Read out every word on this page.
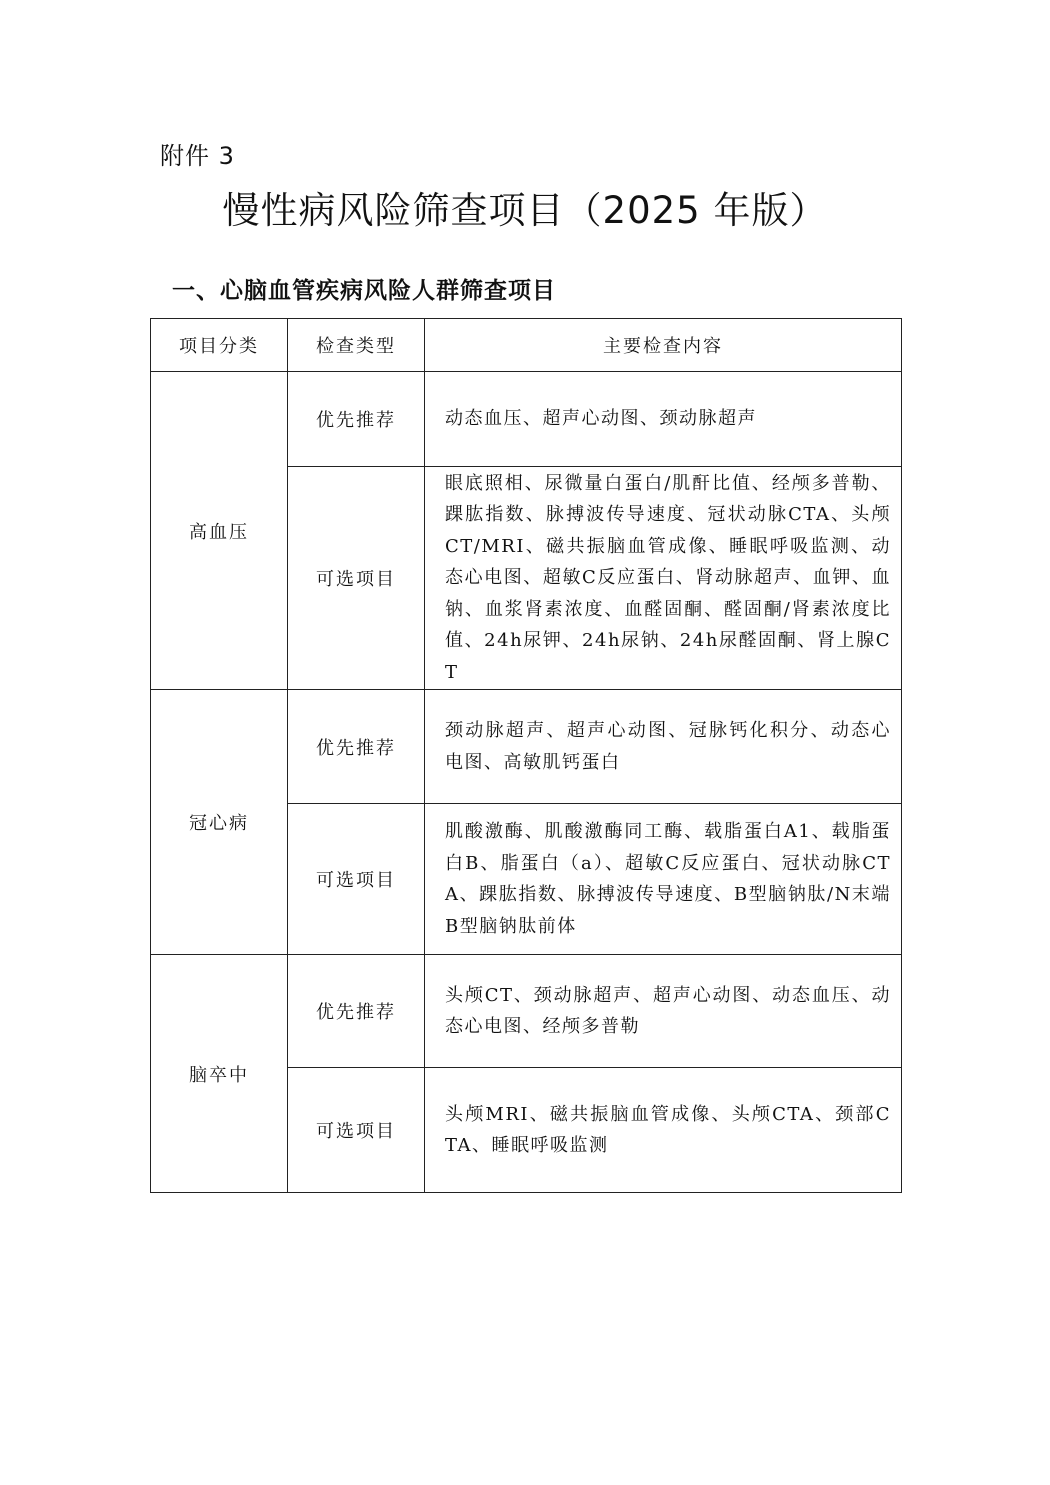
附件 3
慢性病风险筛查项目（2025 年版）
一、心脑血管疾病风险人群筛查项目
项目分类	检查类型	主要检查内容
高血压	优先推荐	动态血压、超声心动图、颈动脉超声
	可选项目	眼底照相、尿微量白蛋白/肌酐比值、经颅多普勒、踝肱指数、脉搏波传导速度、冠状动脉CTA、头颅CT/MRI、磁共振脑血管成像、睡眠呼吸监测、动态心电图、超敏C反应蛋白、肾动脉超声、血钾、血钠、血浆肾素浓度、血醛固酮、醛固酮/肾素浓度比值、24h尿钾、24h尿钠、24h尿醛固酮、肾上腺CT
冠心病	优先推荐	颈动脉超声、超声心动图、冠脉钙化积分、动态心电图、高敏肌钙蛋白
	可选项目	肌酸激酶、肌酸激酶同工酶、载脂蛋白A1、载脂蛋白B、脂蛋白（a）、超敏C反应蛋白、冠状动脉CTA、踝肱指数、脉搏波传导速度、B型脑钠肽/N末端B型脑钠肽前体
脑卒中	优先推荐	头颅CT、颈动脉超声、超声心动图、动态血压、动态心电图、经颅多普勒
	可选项目	头颅MRI、磁共振脑血管成像、头颅CTA、颈部CTA、睡眠呼吸监测
